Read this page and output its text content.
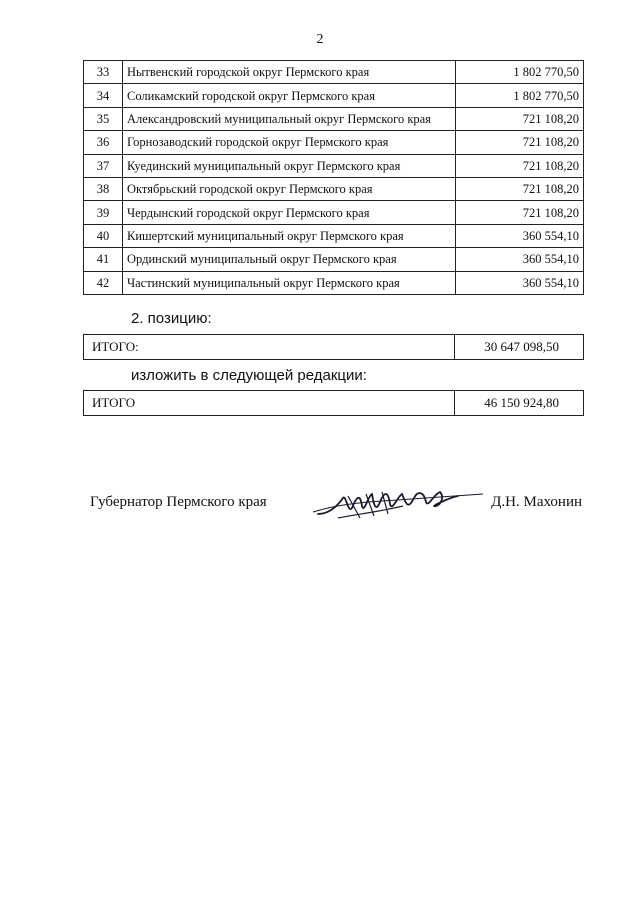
2
33	Нытвенский городской округ Пермского края	1 802 770,50
34	Соликамский городской округ Пермского края	1 802 770,50
35	Александровский муниципальный округ Пермского края	721 108,20
36	Горнозаводский городской округ Пермского края	721 108,20
37	Куединский муниципальный округ Пермского края	721 108,20
38	Октябрьский городской округ Пермского края	721 108,20
39	Чердынский городской округ Пермского края	721 108,20
40	Кишертский муниципальный округ Пермского края	360 554,10
41	Ординский муниципальный округ Пермского края	360 554,10
42	Частинский муниципальный округ Пермского края	360 554,10
2. позицию:
ИТОГО:	30 647 098,50
изложить в следующей редакции:
ИТОГО	46 150 924,80
Губернатор Пермского края	Д.Н. Махонин
